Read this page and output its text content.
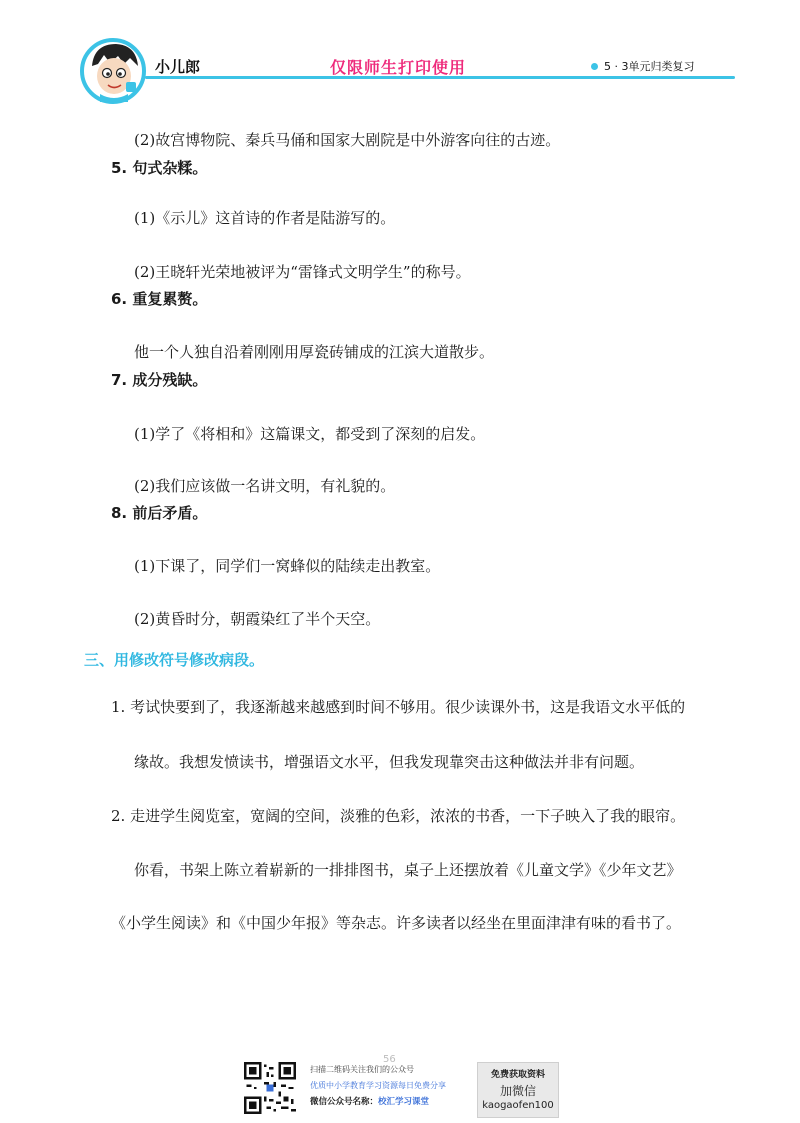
小儿郎	仅限师生打印使用	5 · 3单元归类复习
(2)故宫博物院、秦兵马俑和国家大剧院是中外游客向往的古迹。
5. 句式杂糅。
(1)《示儿》这首诗的作者是陆游写的。
(2)王晓轩光荣地被评为“雷锋式文明学生”的称号。
6. 重复累赘。
他一个人独自沿着刚刚用厚瓷砖铺成的江滨大道散步。
7. 成分残缺。
(1)学了《将相和》这篇课文，都受到了深刻的启发。
(2)我们应该做一名讲文明，有礼貌的。
8. 前后矛盾。
(1)下课了，同学们一窝蜂似的陆续走出教室。
(2)黄昏时分，朝霞染红了半个天空。
三、用修改符号修改病段。
1. 考试快要到了，我逐渐越来越感到时间不够用。很少读课外书，这是我语文水平低的
缘故。我想发愤读书，增强语文水平，但我发现靠突击这种做法并非有问题。
2. 走进学生阅览室，宽阔的空间，淡雅的色彩，浓浓的书香，一下子映入了我的眼帘。
你看，书架上陈立着崭新的一排排图书，桌子上还摆放着《儿童文学》《少年文艺》
《小学生阅读》和《中国少年报》等杂志。许多读者以经坐在里面津津有味的看书了。
56
扫描二维码关注我们的公众号
优质中小学教育学习资源每日免费分享
微信公众号名称：校汇学习课堂
免费获取资料
加微信
kaogaofen100
